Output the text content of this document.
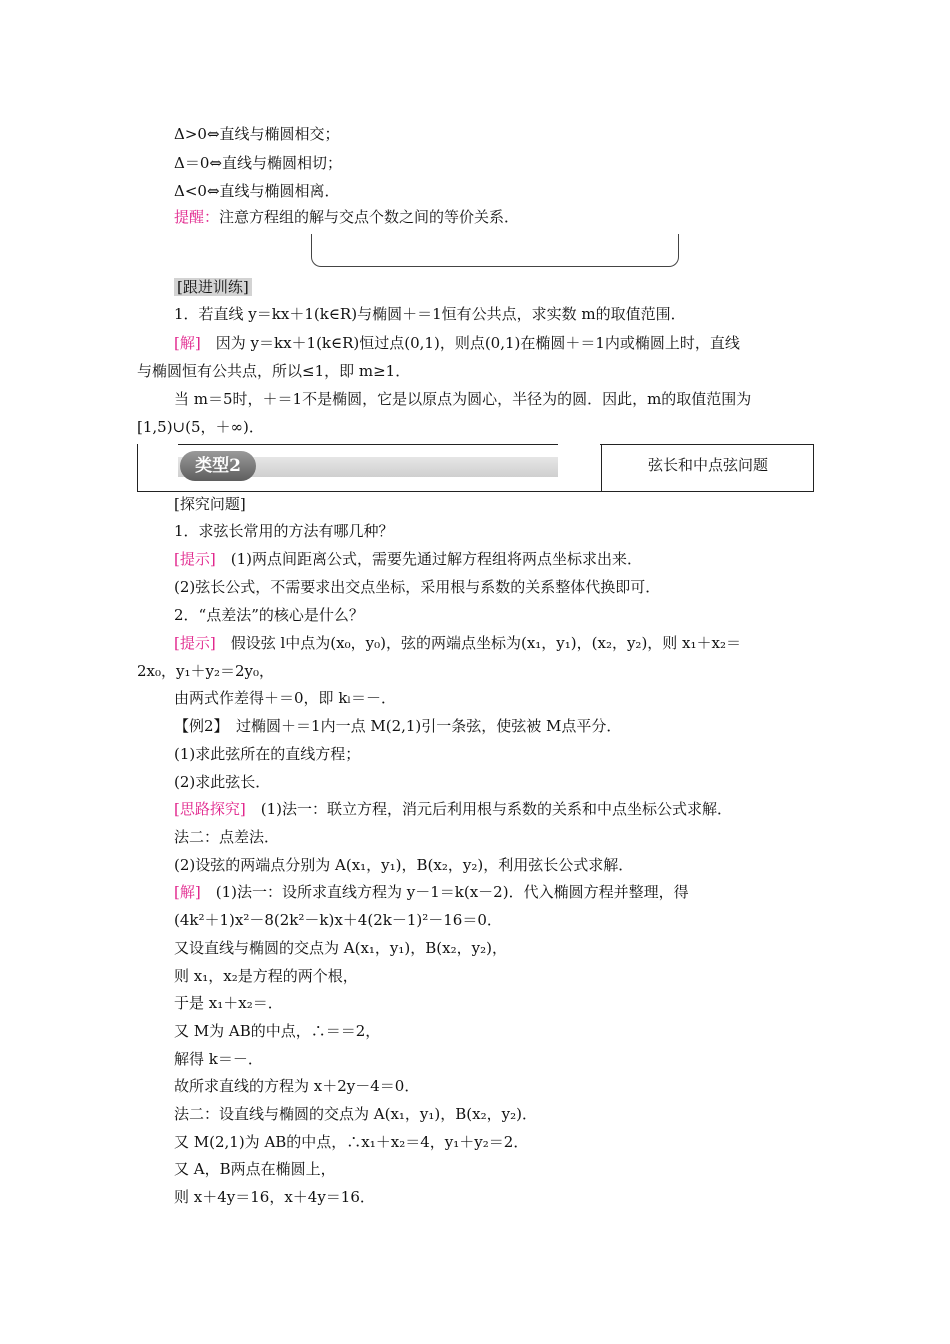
Δ>0⇔直线与椭圆相交；
Δ＝0⇔直线与椭圆相切；
Δ<0⇔直线与椭圆相离．
提醒：注意方程组的解与交点个数之间的等价关系．
[跟进训练]
1．若直线 y＝kx＋1(k∈R)与椭圆＋＝1恒有公共点，求实数 m的取值范围．
[解]　 因为 y＝kx＋1(k∈R)恒过点(0,1)，则点(0,1)在椭圆＋＝1内或椭圆上时，直线
与椭圆恒有公共点，所以≤1，即 m≥1．
当 m＝5时，＋＝1不是椭圆，它是以原点为圆心，半径为的圆．因此，m的取值范围为
[1,5)∪(5，＋∞)．
类型2	弦长和中点弦问题
[探究问题]
1．求弦长常用的方法有哪几种？
[提示]　 (1)两点间距离公式，需要先通过解方程组将两点坐标求出来．
(2)弦长公式，不需要求出交点坐标，采用根与系数的关系整体代换即可．
2．“点差法”的核心是什么？
[提示]　 假设弦 l中点为(x₀，y₀)，弦的两端点坐标为(x₁，y₁)，(x₂，y₂)，则 x₁＋x₂＝
2x₀，y₁＋y₂＝2y₀，
由两式作差得＋＝0，即 kₗ＝－．
【例2】　过椭圆＋＝1内一点 M(2,1)引一条弦，使弦被 M点平分．
(1)求此弦所在的直线方程；
(2)求此弦长．
[思路探究]　 (1)法一：联立方程，消元后利用根与系数的关系和中点坐标公式求解．
法二：点差法．
(2)设弦的两端点分别为 A(x₁，y₁)，B(x₂，y₂)，利用弦长公式求解．
[解]　 (1)法一：设所求直线方程为 y－1＝k(x－2)．代入椭圆方程并整理，得
(4k²＋1)x²－8(2k²－k)x＋4(2k－1)²－16＝0．
又设直线与椭圆的交点为 A(x₁，y₁)，B(x₂，y₂)，
则 x₁，x₂是方程的两个根，
于是 x₁＋x₂＝．
又 M为 AB的中点，∴＝＝2，
解得 k＝－．
故所求直线的方程为 x＋2y－4＝0．
法二：设直线与椭圆的交点为 A(x₁，y₁)，B(x₂，y₂)．
又 M(2,1)为 AB的中点，∴x₁＋x₂＝4，y₁＋y₂＝2．
又 A，B两点在椭圆上，
则 x＋4y＝16，x＋4y＝16．
